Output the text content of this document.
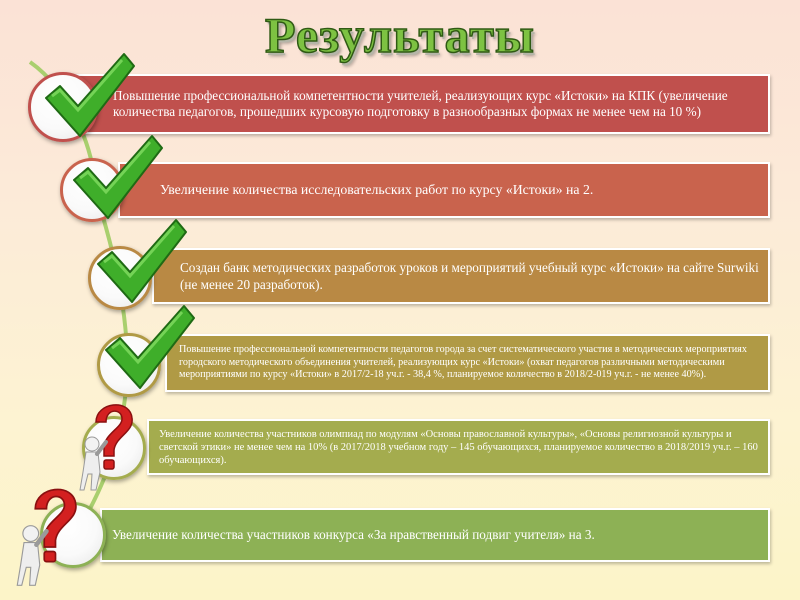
Результаты
Повышение профессиональной компетентности учителей, реализующих курс «Истоки» на КПК (увеличение количества педагогов, прошедших курсовую подготовку в разнообразных формах не менее чем на 10 %)
Увеличение количества исследовательских работ по курсу «Истоки» на 2.
Создан банк методических разработок уроков и мероприятий учебный курс «Истоки» на сайте Surwiki (не менее 20 разработок).
Повышение профессиональной компетентности педагогов города за счет систематического участия в методических мероприятиях городского методического объединения учителей, реализующих курс «Истоки» (охват педагогов различными методическими мероприятиями по курсу «Истоки» в 2017/2-18 уч.г. - 38,4 %, планируемое количество в 2018/2-019 уч.г. - не менее 40%).
Увеличение количества участников олимпиад по модулям «Основы православной культуры», «Основы религиозной культуры и светской этики» не менее чем на 10% (в 2017/2018 учебном году – 145 обучающихся, планируемое количество в 2018/2019 уч.г. – 160 обучающихся).
Увеличение количества участников конкурса «За нравственный подвиг учителя» на 3.
